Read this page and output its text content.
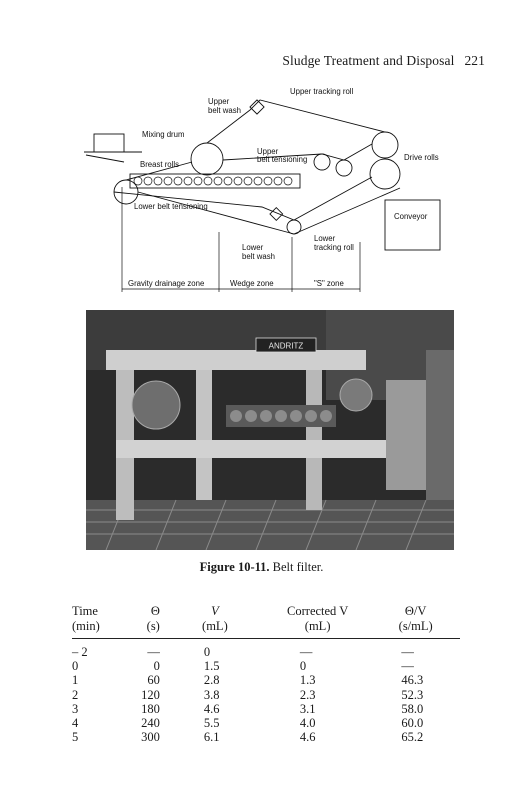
Sludge Treatment and Disposal 221
Upper tracking roll
Upper
belt wash
Mixing drum
Upper
belt tensioning	Drive rolls
Breast rolls
Lower belt tensioning
Conveyor
Lower
belt wash
Lower
tracking roll
Gravity drainage zone	Wedge zone	"S" zone
ANDRITZ
Figure 10-11. Belt filter.
Time	Θ	V	Corrected V	Θ/V
(min)	(s)	(mL)	(mL)	(s/mL)
– 2	—	0	—	—
0	0	1.5	0	—
1	60	2.8	1.3	46.3
2	120	3.8	2.3	52.3
3	180	4.6	3.1	58.0
4	240	5.5	4.0	60.0
5	300	6.1	4.6	65.2
